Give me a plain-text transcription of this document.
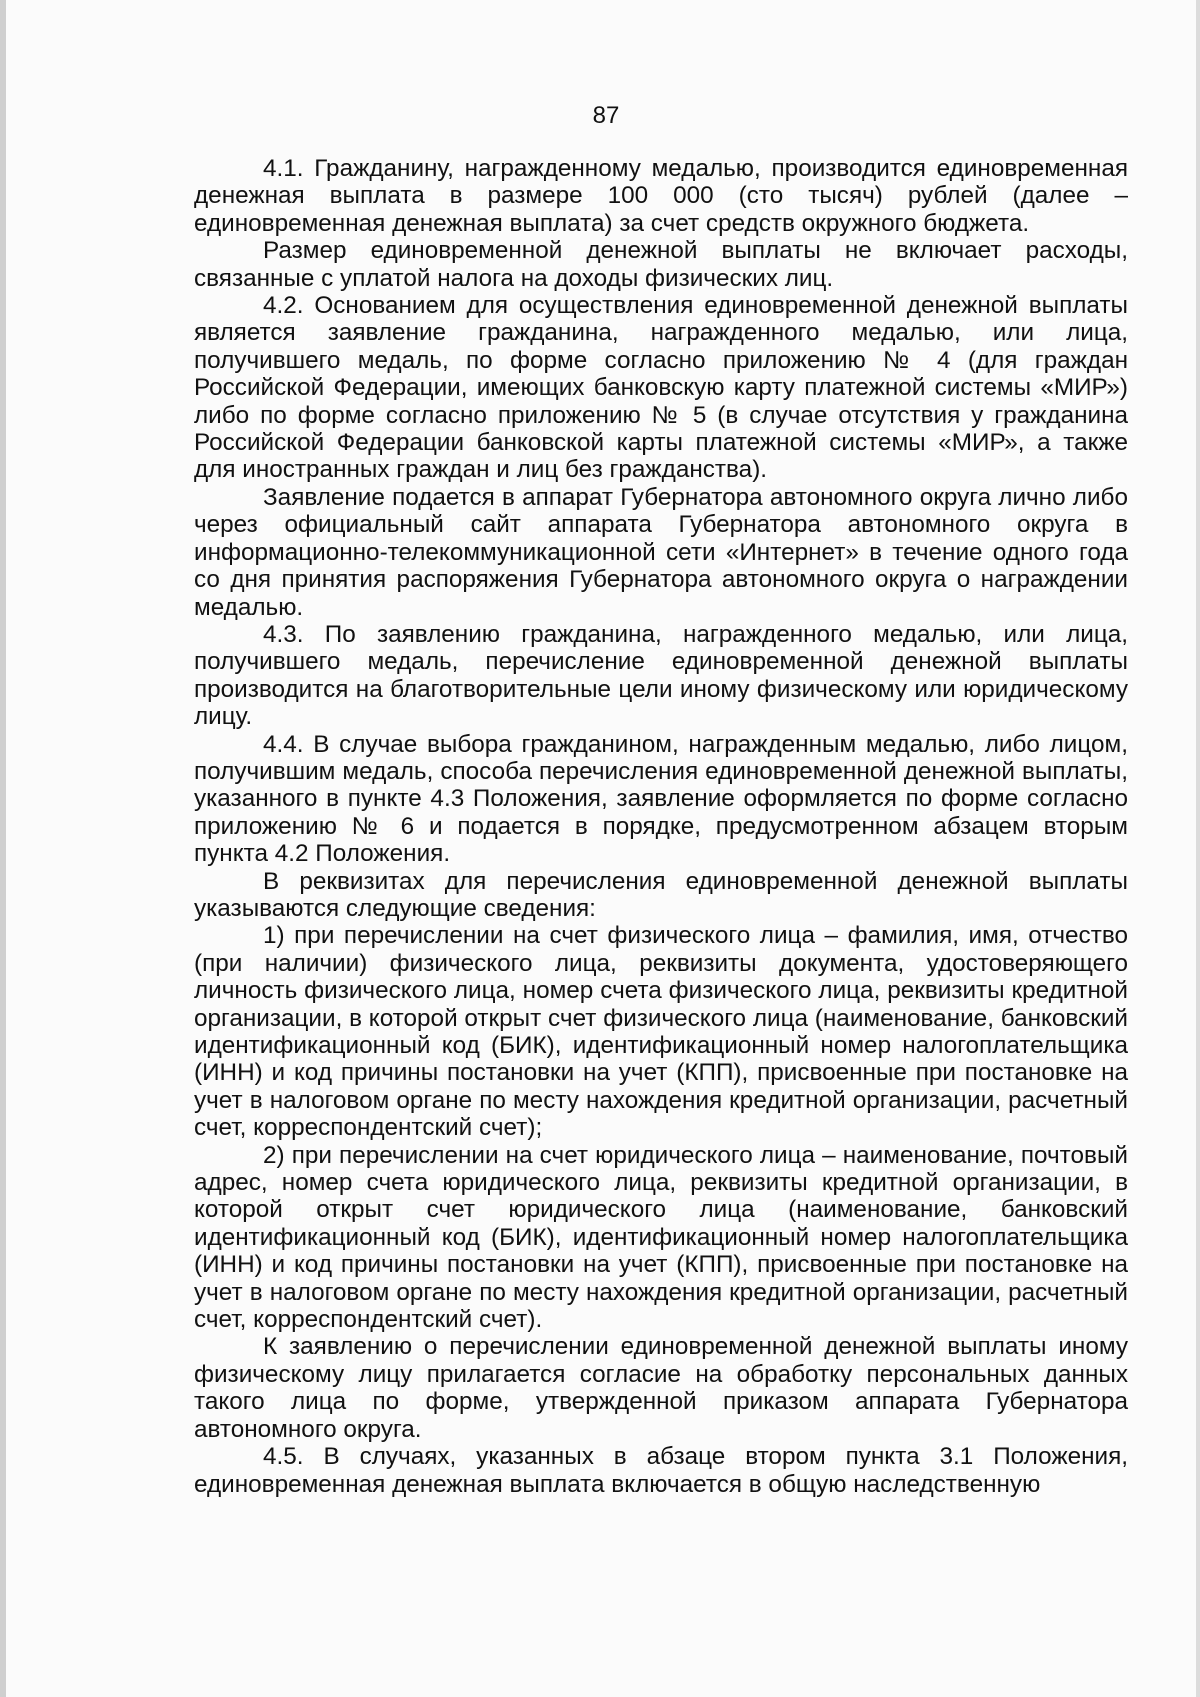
87

4.1. Гражданину, награжденному медалью, производится единовременная денежная выплата в размере 100 000 (сто тысяч) рублей (далее – единовременная денежная выплата) за счет средств окружного бюджета.

Размер единовременной денежной выплаты не включает расходы, связанные с уплатой налога на доходы физических лиц.

4.2. Основанием для осуществления единовременной денежной выплаты является заявление гражданина, награжденного медалью, или лица, получившего медаль, по форме согласно приложению № 4 (для граждан Российской Федерации, имеющих банковскую карту платежной системы «МИР») либо по форме согласно приложению № 5 (в случае отсутствия у гражданина Российской Федерации банковской карты платежной системы «МИР», а также для иностранных граждан и лиц без гражданства).

Заявление подается в аппарат Губернатора автономного округа лично либо через официальный сайт аппарата Губернатора автономного округа в информационно-телекоммуникационной сети «Интернет» в течение одного года со дня принятия распоряжения Губернатора автономного округа о награждении медалью.

4.3. По заявлению гражданина, награжденного медалью, или лица, получившего медаль, перечисление единовременной денежной выплаты производится на благотворительные цели иному физическому или юридическому лицу.

4.4. В случае выбора гражданином, награжденным медалью, либо лицом, получившим медаль, способа перечисления единовременной денежной выплаты, указанного в пункте 4.3 Положения, заявление оформляется по форме согласно приложению № 6 и подается в порядке, предусмотренном абзацем вторым пункта 4.2 Положения.

В реквизитах для перечисления единовременной денежной выплаты указываются следующие сведения:

1) при перечислении на счет физического лица – фамилия, имя, отчество (при наличии) физического лица, реквизиты документа, удостоверяющего личность физического лица, номер счета физического лица, реквизиты кредитной организации, в которой открыт счет физического лица (наименование, банковский идентификационный код (БИК), идентификационный номер налогоплательщика (ИНН) и код причины постановки на учет (КПП), присвоенные при постановке на учет в налоговом органе по месту нахождения кредитной организации, расчетный счет, корреспондентский счет);

2) при перечислении на счет юридического лица – наименование, почтовый адрес, номер счета юридического лица, реквизиты кредитной организации, в которой открыт счет юридического лица (наименование, банковский идентификационный код (БИК), идентификационный номер налогоплательщика (ИНН) и код причины постановки на учет (КПП), присвоенные при постановке на учет в налоговом органе по месту нахождения кредитной организации, расчетный счет, корреспондентский счет).

К заявлению о перечислении единовременной денежной выплаты иному физическому лицу прилагается согласие на обработку персональных данных такого лица по форме, утвержденной приказом аппарата Губернатора автономного округа.

4.5. В случаях, указанных в абзаце втором пункта 3.1 Положения, единовременная денежная выплата включается в общую наследственную
